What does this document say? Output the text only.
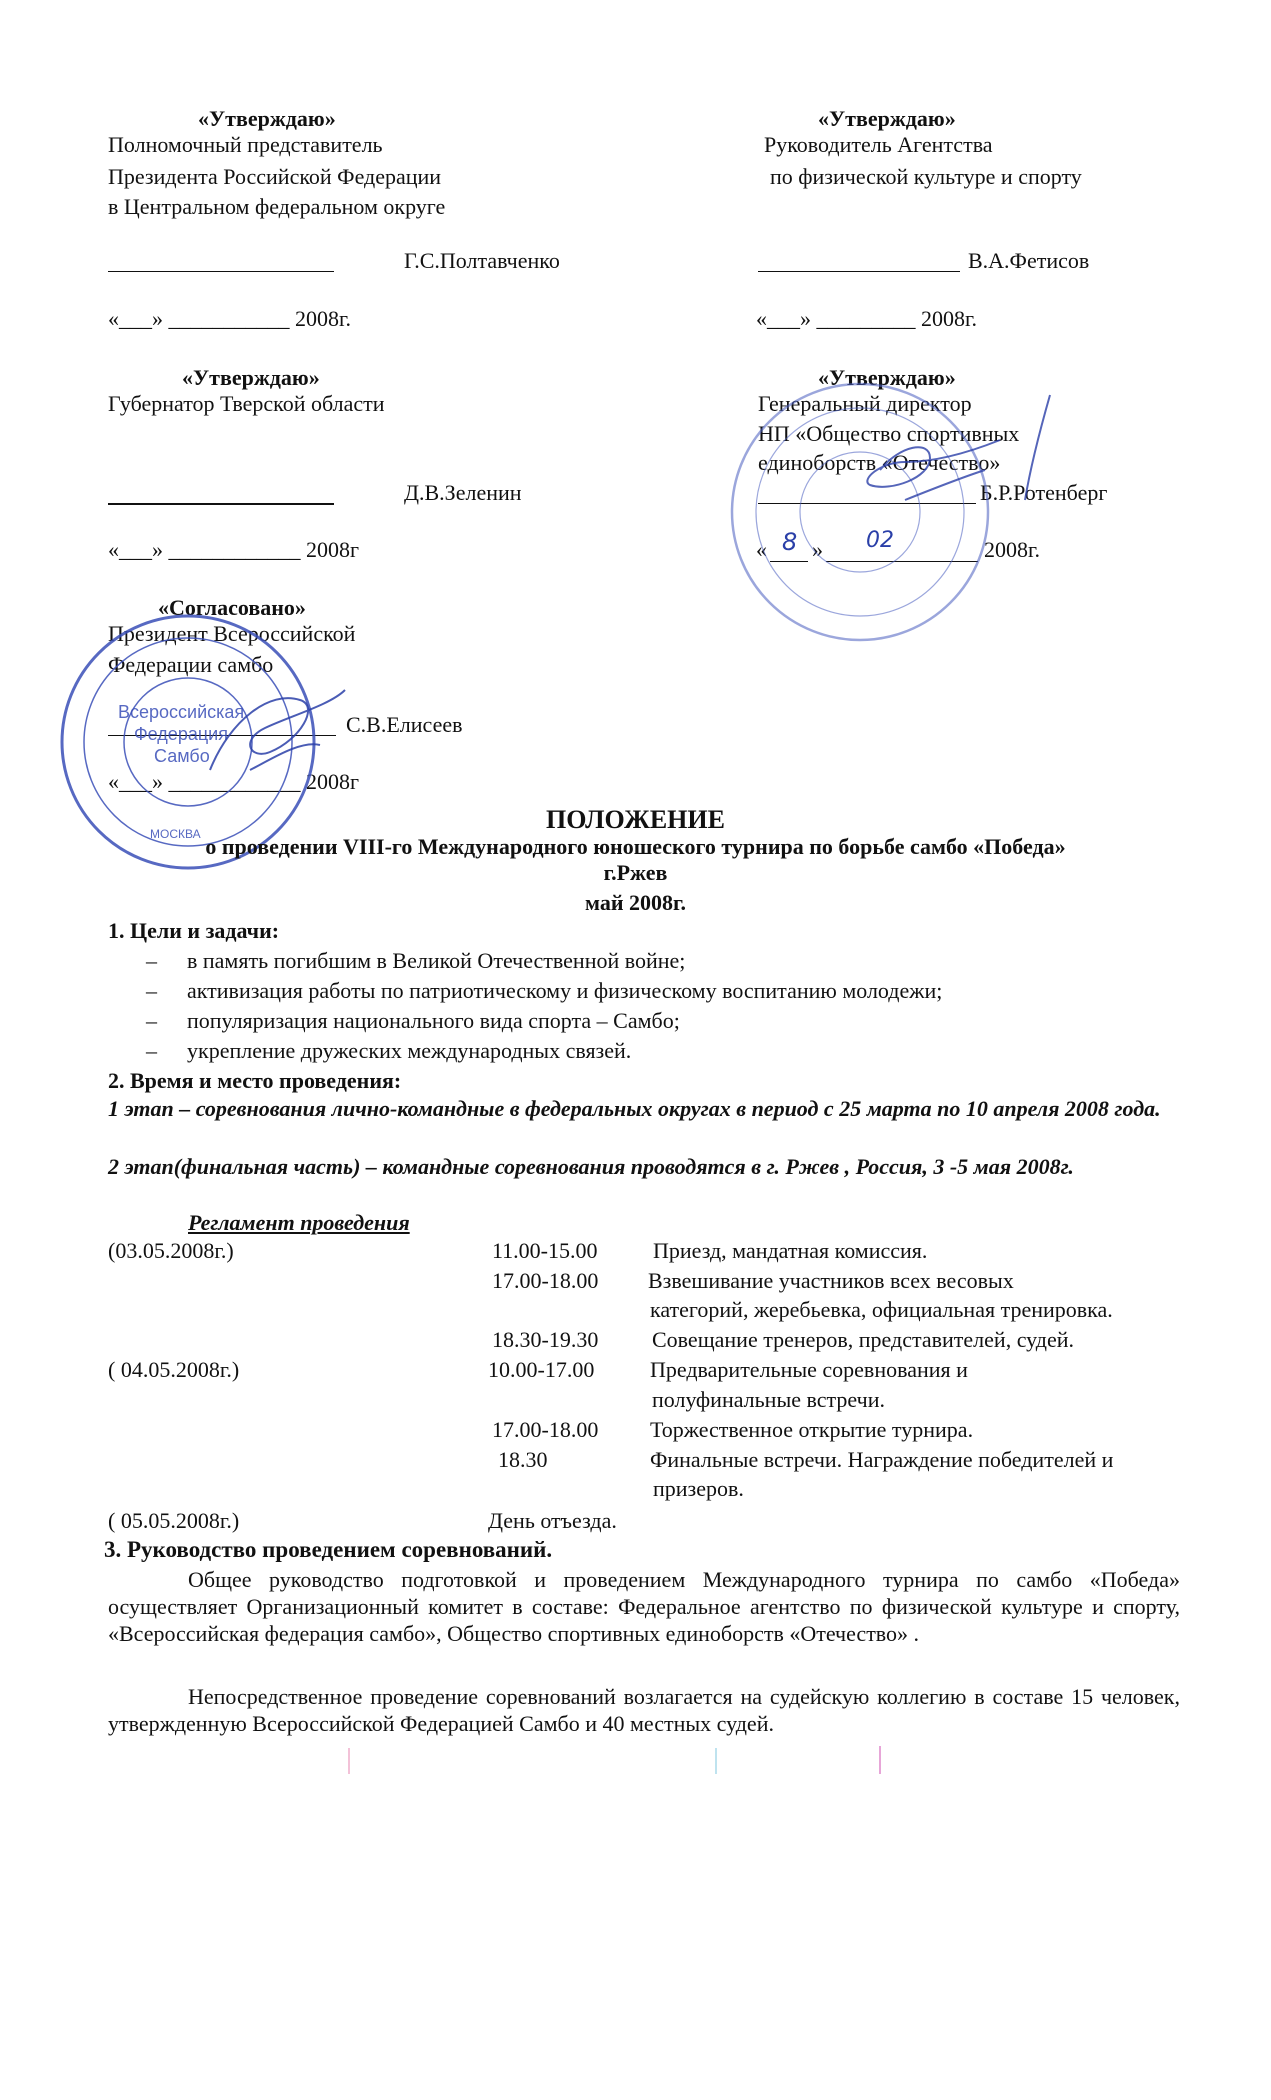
«Утверждаю»
Полномочный представитель
Президента Российской Федерации
в Центральном федеральном округе
Г.С.Полтавченко
«___» ___________ 2008г.
«Утверждаю»
Руководитель Агентства
по физической культуре и спорту
В.А.Фетисов
«___» _________ 2008г.
«Утверждаю»
Губернатор Тверской области
Д.В.Зеленин
«___» ____________ 2008г
«Утверждаю»
Генеральный директор
НП «Общество спортивных
единоборств «Отечество»
Б.Р.Ротенберг
« 8 » 02	2008г.
«Согласовано»
Президент Всероссийской
Федерации самбо
С.В.Елисеев
«___» ____________ 2008г
Всероссийская
Федерация
Самбо
МОСКВА	ПОЛОЖЕНИЕ
о проведении VIII-го Международного юношеского турнира по борьбе самбо «Победа»
г.Ржев
май 2008г.
1. Цели и задачи:
– в память погибшим в Великой Отечественной войне;
– активизация работы по патриотическому и физическому воспитанию молодежи;
– популяризация национального вида спорта – Самбо;
– укрепление дружеских международных связей.
2. Время и место проведения:
1 этап – соревнования лично-командные в федеральных округах в период с 25 марта по 10 апреля 2008 года.
2 этап(финальная часть) – командные соревнования проводятся в г. Ржев , Россия, 3 -5 мая 2008г.
Регламент проведения
(03.05.2008г.)	11.00-15.00	Приезд, мандатная комиссия.
17.00-18.00 Взвешивание участников всех весовых
категорий, жеребьевка, официальная тренировка.
18.30-19.30 Совещание тренеров, представителей, судей.
( 04.05.2008г.)	10.00-17.00	Предварительные соревнования и
полуфинальные встречи.
17.00-18.00 Торжественное открытие турнира.
18.30	Финальные встречи. Награждение победителей и
призеров.
( 05.05.2008г.)	День отъезда.
3. Руководство проведением соревнований.
Общее руководство подготовкой и проведением Международного турнира по самбо «Победа» осуществляет Организационный комитет в составе: Федеральное агентство по физической культуре и спорту, «Всероссийская федерация самбо», Общество спортивных единоборств «Отечество» .
Непосредственное проведение соревнований возлагается на судейскую коллегию в составе 15 человек, утвержденную Всероссийской Федерацией Самбо и 40 местных судей.
